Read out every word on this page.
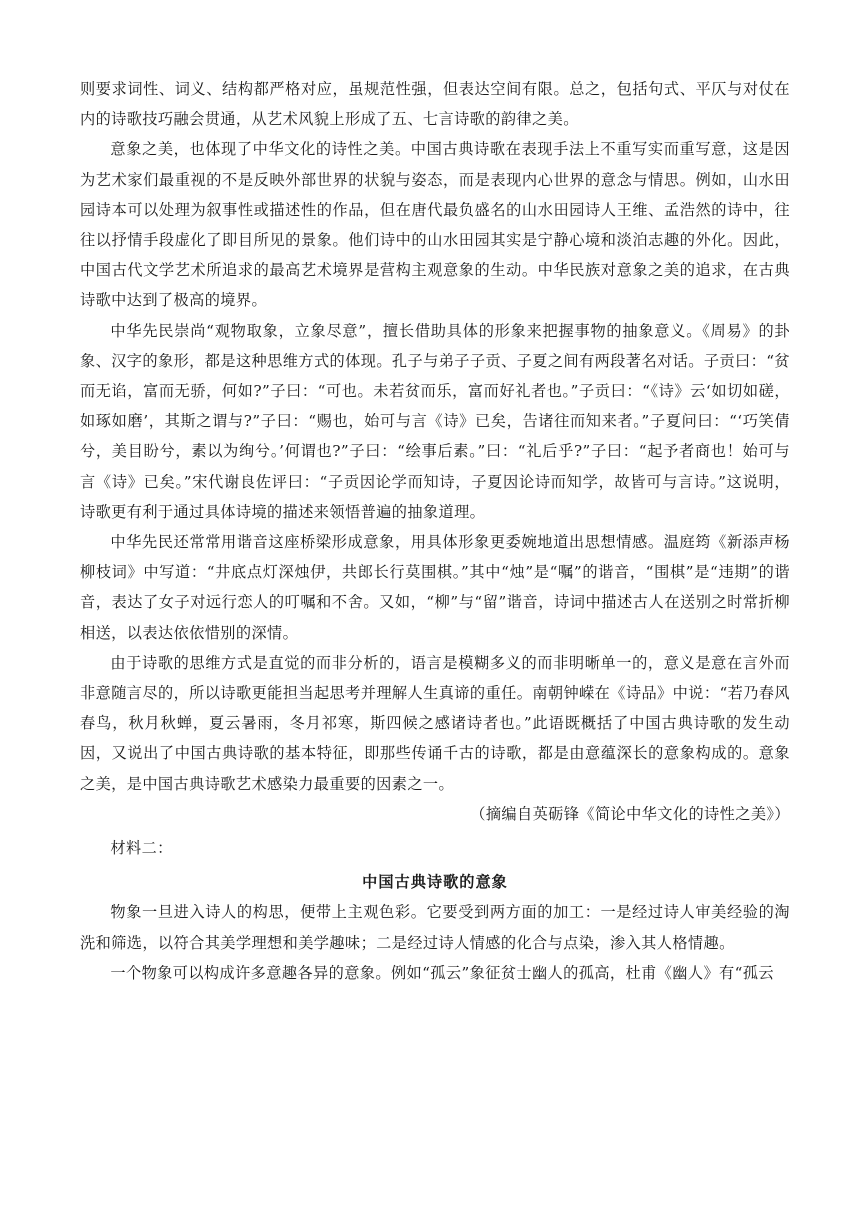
则要求词性、词义、结构都严格对应，虽规范性强，但表达空间有限。总之，包括句式、平仄与对仗在内的诗歌技巧融会贯通，从艺术风貌上形成了五、七言诗歌的韵律之美。

意象之美，也体现了中华文化的诗性之美。中国古典诗歌在表现手法上不重写实而重写意，这是因为艺术家们最重视的不是反映外部世界的状貌与姿态，而是表现内心世界的意念与情思。例如，山水田园诗本可以处理为叙事性或描述性的作品，但在唐代最负盛名的山水田园诗人王维、孟浩然的诗中，往往以抒情手段虚化了即目所见的景象。他们诗中的山水田园其实是宁静心境和淡泊志趣的外化。因此，中国古代文学艺术所追求的最高艺术境界是营构主观意象的生动。中华民族对意象之美的追求，在古典诗歌中达到了极高的境界。

中华先民崇尚“观物取象，立象尽意”，擅长借助具体的形象来把握事物的抽象意义。《周易》的卦象、汉字的象形，都是这种思维方式的体现。孔子与弟子子贡、子夏之间有两段著名对话。子贡曰：“贫而无谄，富而无骄，何如?”子曰：“可也。未若贫而乐，富而好礼者也。”子贡曰：“《诗》云‘如切如磋，如琢如磨’，其斯之谓与?”子曰：“赐也，始可与言《诗》已矣，告诸往而知来者。”子夏问曰：“‘巧笑倩兮，美目盼兮，素以为绚兮。’何谓也?”子曰：“绘事后素。”曰：“礼后乎?”子曰：“起予者商也！始可与言《诗》已矣。”宋代谢良佐评曰：“子贡因论学而知诗，子夏因论诗而知学，故皆可与言诗。”这说明，诗歌更有利于通过具体诗境的描述来领悟普遍的抽象道理。

中华先民还常常用谐音这座桥梁形成意象，用具体形象更委婉地道出思想情感。温庭筠《新添声杨柳枝词》中写道：“井底点灯深烛伊，共郎长行莫围棋。”其中“烛”是“嘱”的谐音，“围棋”是“违期”的谐音，表达了女子对远行恋人的叮嘱和不舍。又如，“柳”与“留”谐音，诗词中描述古人在送别之时常折柳相送，以表达依依惜别的深情。

由于诗歌的思维方式是直觉的而非分析的，语言是模糊多义的而非明晰单一的，意义是意在言外而非意随言尽的，所以诗歌更能担当起思考并理解人生真谛的重任。南朝钟嵘在《诗品》中说：“若乃春风春鸟，秋月秋蝉，夏云暑雨，冬月祁寒，斯四候之感诸诗者也。”此语既概括了中国古典诗歌的发生动因，又说出了中国古典诗歌的基本特征，即那些传诵千古的诗歌，都是由意蕴深长的意象构成的。意象之美，是中国古典诗歌艺术感染力最重要的因素之一。

（摘编自英砺锋《简论中华文化的诗性之美》）

材料二：

中国古典诗歌的意象

物象一旦进入诗人的构思，便带上主观色彩。它要受到两方面的加工：一是经过诗人审美经验的淘洗和筛选，以符合其美学理想和美学趣味；二是经过诗人情感的化合与点染，渗入其人格情趣。

一个物象可以构成许多意趣各异的意象。例如“孤云”象征贫士幽人的孤高，杜甫《幽人》有“孤云
